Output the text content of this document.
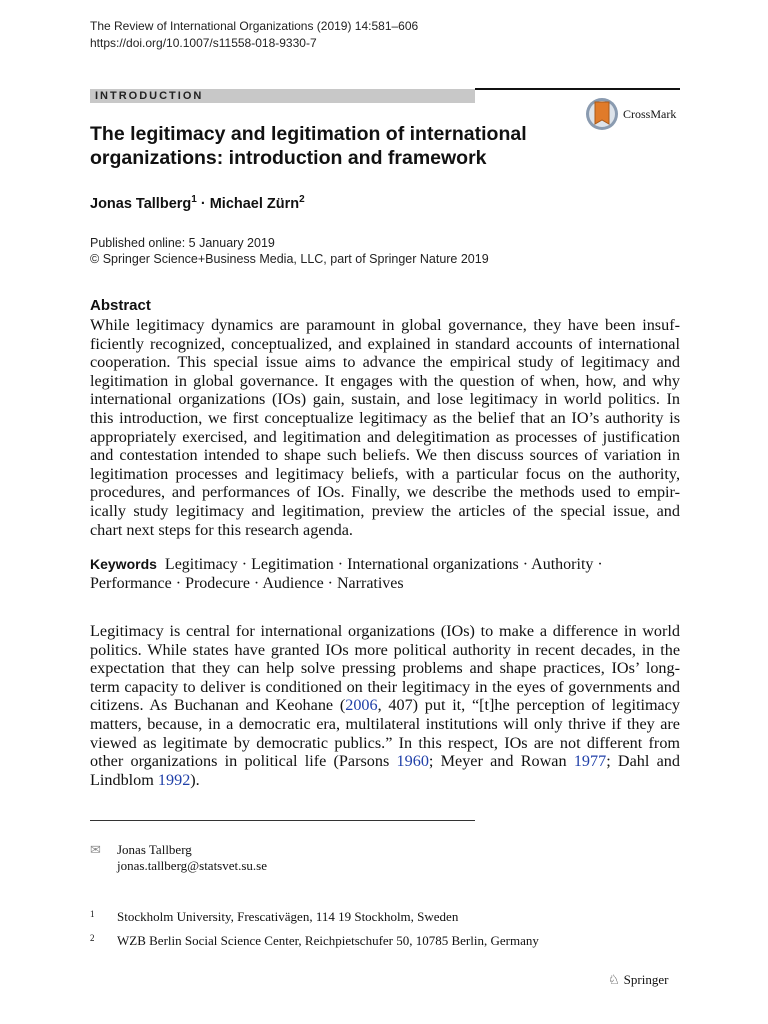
The Review of International Organizations (2019) 14:581–606
https://doi.org/10.1007/s11558-018-9330-7
INTRODUCTION
CrossMark
The legitimacy and legitimation of international organizations: introduction and framework
Jonas Tallberg$^1$ · Michael Zürn$^2$
Published online: 5 January 2019
© Springer Science+Business Media, LLC, part of Springer Nature 2019
Abstract
While legitimacy dynamics are paramount in global governance, they have been insuf-
ficiently recognized, conceptualized, and explained in standard accounts of international
cooperation. This special issue aims to advance the empirical study of legitimacy and
legitimation in global governance. It engages with the question of when, how, and why
international organizations (IOs) gain, sustain, and lose legitimacy in world politics. In
this introduction, we first conceptualize legitimacy as the belief that an IO’s authority is
appropriately exercised, and legitimation and delegitimation as processes of justification
and contestation intended to shape such beliefs. We then discuss sources of variation in
legitimation processes and legitimacy beliefs, with a particular focus on the authority,
procedures, and performances of IOs. Finally, we describe the methods used to empir-
ically study legitimacy and legitimation, preview the articles of the special issue, and
chart next steps for this research agenda.
Keywords Legitimacy · Legitimation · International organizations · Authority ·
Performance · Prodecure · Audience · Narratives
Legitimacy is central for international organizations (IOs) to make a difference in world
politics. While states have granted IOs more political authority in recent decades, in the
expectation that they can help solve pressing problems and shape practices, IOs’ long-
term capacity to deliver is conditioned on their legitimacy in the eyes of governments and
citizens. As Buchanan and Keohane (2006, 407) put it, “[t]he perception of legitimacy
matters, because, in a democratic era, multilateral institutions will only thrive if they are
viewed as legitimate by democratic publics.” In this respect, IOs are not different from
other organizations in political life (Parsons 1960; Meyer and Rowan 1977; Dahl and
Lindblom 1992).
✉	Jonas Tallberg
jonas.tallberg@statsvet.su.se
$^1$ Stockholm University, Frescativägen, 114 19 Stockholm, Sweden
$^2$ WZB Berlin Social Science Center, Reichpietschufer 50, 10785 Berlin, Germany
♘ Springer
